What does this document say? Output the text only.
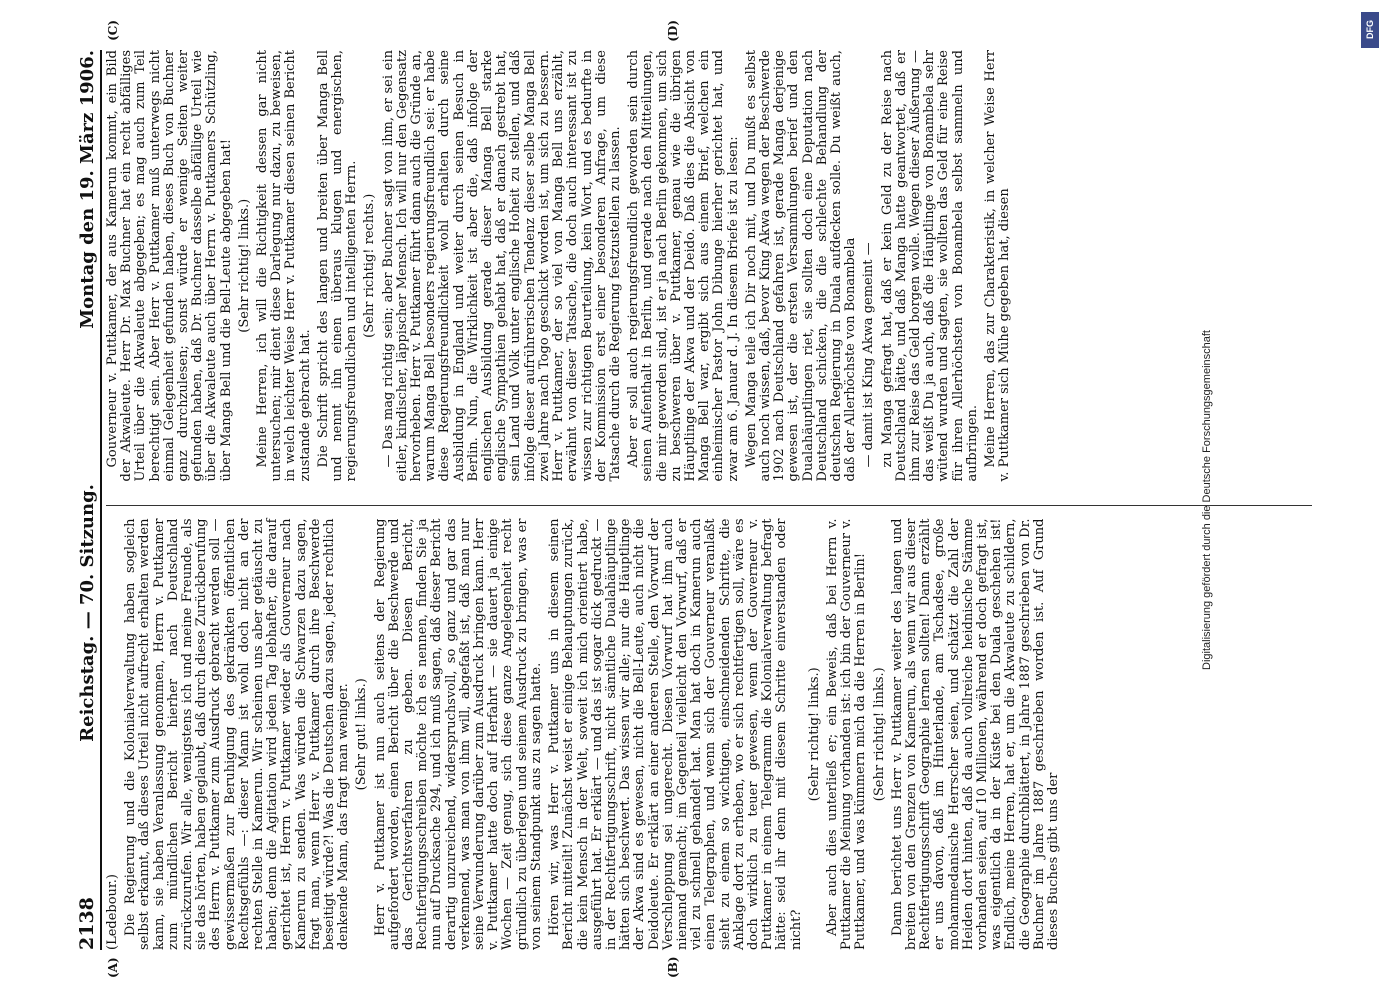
2138
Reichstag. — 70. Sitzung.
Montag den 19. März 1906.
(A)	(B)

(Ledebour.) Die Regierung und die Kolonialverwaltung haben sogleich selbst erkannt, daß dieses Urteil nicht aufrecht erhalten werden kann, sie haben Veranlassung genommen, Herrn v. Puttkamer zum mündlichen Bericht hierher nach Deutschland zurückzurufen. Wir alle, wenigstens ich und meine Freunde, als sie das hörten, haben geglaubt, daß durch diese Zurückberufung des Herrn v. Puttkamer zum Ausdruck gebracht werden soll — gewissermaßen zur Beruhigung des gekränkten öffentlichen Rechtsgefühls —: dieser Mann ist wohl doch nicht an der rechten Stelle in Kamerun. Wir scheinen uns aber getäuscht zu haben; denn die Agitation wird jeden Tag lebhafter, die darauf gerichtet ist, Herrn v. Puttkamer wieder als Gouverneur nach Kamerun zu senden. Was würden die Schwarzen dazu sagen, fragt man, wenn Herr v. Puttkamer durch ihre Beschwerde beseitigt würde?! Was die Deutschen dazu sagen, jeder rechtlich denkende Mann, das fragt man weniger. (Sehr gut! links.) Herr v. Puttkamer ist nun auch seitens der Regierung aufgefordert worden, einen Bericht über die Beschwerde und das Gerichtsverfahren zu geben. Diesen Bericht, Rechtfertigungsschreiben möchte ich es nennen, finden Sie ja nun auf Drucksache 294, und ich muß sagen, daß dieser Bericht derartig unzureichend, widerspruchsvoll, so ganz und gar das verkennend, was man von ihm will, abgefaßt ist, daß man nur seine Verwunderung darüber zum Ausdruck bringen kann. Herr v. Puttkamer hatte doch auf Herfahrt — sie dauert ja einige Wochen — Zeit genug, sich diese ganze Angelegenheit recht gründlich zu überlegen und seinem Ausdruck zu bringen, was er von seinem Standpunkt aus zu sagen hatte. Hören wir, was Herr v. Puttkamer uns in diesem seinen Bericht mitteilt! Zunächst weist er einige Behauptungen zurück, die kein Mensch in der Welt, soweit ich mich orientiert habe, ausgeführt hat. Er erklärt — und das ist sogar dick gedruckt — in der Rechtfertigungsschrift, nicht sämtliche Dualahäuptlinge hätten sich beschwert. Das wissen wir alle; nur die Häuptlinge der Akwa sind es gewesen, nicht die Bell-Leute, auch nicht die Deidoleute. Er erklärt an einer anderen Stelle, den Vorwurf der Verschleppung sei ungerecht. Diesen Vorwurf hat ihm auch niemand gemacht; im Gegenteil vielleicht den Vorwurf, daß er viel zu schnell gehandelt hat. Man hat doch in Kamerun auch einen Telegraphen, und wenn sich der Gouverneur veranlaßt sieht zu einem so wichtigen, einschneidenden Schritte, die Anklage dort zu erheben, wo er sich rechtfertigen soll, wäre es doch wirklich zu teuer gewesen, wenn der Gouverneur v. Puttkamer in einem Telegramm die Kolonialverwaltung befragt hätte: seid ihr denn mit diesem Schritte einverstanden oder nicht?

(Sehr richtig! links.) Aber auch dies unterließ er; ein Beweis, daß bei Herrn v. Puttkamer die Meinung vorhanden ist: ich bin der Gouverneur v. Puttkamer, und was kümmern mich da die Herren in Berlin! (Sehr richtig! links.) Dann berichtet uns Herr v. Puttkamer weiter des langen und breiten von den Grenzen von Kamerun, als wenn wir aus dieser Rechtfertigungsschrift Geographie lernen sollten! Dann erzählt er uns davon, daß im Hinterlande, am Tschadsee, große mohammedanische Herrscher seien, und schätzt die Zahl der Heiden dort hinten, daß da auch vollreiche heidnische Stämme vorhanden seien, auf 10 Millionen, während er doch gefragt ist, was eigentlich da in der Küste bei den Duala geschehen ist! Endlich, meine Herren, hat er, um die Akwaleute zu schildern, die Geographie durchblättert, in Jahre 1887 geschrieben von Dr. Buchner im Jahre 1887 geschrieben worden ist. Auf Grund dieses Buches gibt uns der

(C)	(D)

Gouverneur v. Puttkamer, der aus Kamerun kommt, ein Bild der Akwaleute. Herr Dr. Max Buchner hat ein recht abfälliges Urteil über die Akwaleute abgegeben; es mag auch zum Teil berechtigt sein. Aber Herr v. Puttkamer muß unterwegs nicht einmal Gelegenheit gefunden haben, dieses Buch von Buchner ganz durchzulesen; sonst würde er wenige Seiten weiter gefunden haben, daß Dr. Buchner dasselbe abfällige Urteil wie über die Akwaleute auch über Herrn v. Puttkamers Schützling, über Manga Bell und die Bell-Leute abgegeben hat! (Sehr richtig! links.) Meine Herren, ich will die Richtigkeit dessen gar nicht untersuchen; mir dient diese Darlegung nur dazu, zu beweisen, in welch leichter Weise Herr v. Puttkamer diesen seinen Bericht zustande gebracht hat. Die Schrift spricht des langen und breiten über Manga Bell und nennt ihn einen überaus klugen und energischen, regierungsfreundlichen und intelligenten Herrn. (Sehr richtig! rechts.) — Das mag richtig sein; aber Buchner sagt von ihm, er sei ein eitler, kindischer, läppischer Mensch. Ich will nur den Gegensatz hervorheben. Herr v. Puttkamer führt dann auch die Gründe an, warum Manga Bell besonders regierungsfreundlich sei: er habe diese Regierungsfreundlichkeit wohl erhalten durch seine Ausbildung in England und weiter durch seinen Besuch in Berlin. Nun, die Wirklichkeit ist aber die, daß infolge der englischen Ausbildung gerade dieser Manga Bell starke englische Sympathien gehabt hat, daß er danach gestrebt hat, sein Land und Volk unter englische Hoheit zu stellen, und daß infolge dieser aufrührerischen Tendenz dieser selbe Manga Bell zwei Jahre nach Togo geschickt worden ist, um sich zu bessern. Herr v. Puttkamer, der so viel von Manga Bell uns erzählt, erwähnt von dieser Tatsache, die doch auch interessant ist zu wissen zur richtigen Beurteilung, kein Wort, und es bedurfte in der Kommission erst einer besonderen Anfrage, um diese Tatsache durch die Regierung festzustellen zu lassen. Aber er soll auch regierungsfreundlich geworden sein durch seinen Aufenthalt in Berlin, und gerade nach den Mitteilungen, die mir geworden sind, ist er ja nach Berlin gekommen, um sich zu beschweren über v. Puttkamer, genau wie die übrigen Häuptlinge der Akwa und der Deido. Daß dies die Absicht von Manga Bell war, ergibt sich aus einem Brief, welchen ein einheimischer Pastor John Dibunge hierher gerichtet hat, und zwar am 6. Januar d. J. In diesem Briefe ist zu lesen: Wegen Manga teile ich Dir noch mit, und Du mußt es selbst auch noch wissen, daß, bevor King Akwa wegen der Beschwerde 1902 nach Deutschland gefahren ist, gerade Manga derjenige gewesen ist, der die ersten Versammlungen berief und den Dualahäuptlingen riet, sie sollten doch eine Deputation nach Deutschland schicken, die die schlechte Behandlung der deutschen Regierung in Duala aufdecken solle. Du weißt auch, daß der Allerhöchste von Bonambela — damit ist King Akwa gemeint — zu Manga gefragt hat, daß er kein Geld zu der Reise nach Deutschland hätte, und daß Manga hatte geantwortet, daß er ihm zur Reise das Geld borgen wolle. Wegen dieser Äußerung — das weißt Du ja auch, daß die Häuptlinge von Bonambela sehr wütend wurden und sagten, sie wollten das Geld für eine Reise für ihren Allerhöchsten von Bonambela selbst sammeln und aufbringen. Meine Herren, das zur Charakteristik, in welcher Weise Herr v. Puttkamer sich Mühe gegeben hat, diesen	Digitalisierung gefördert durch die Deutsche Forschungsgemeinschaft
DFG
